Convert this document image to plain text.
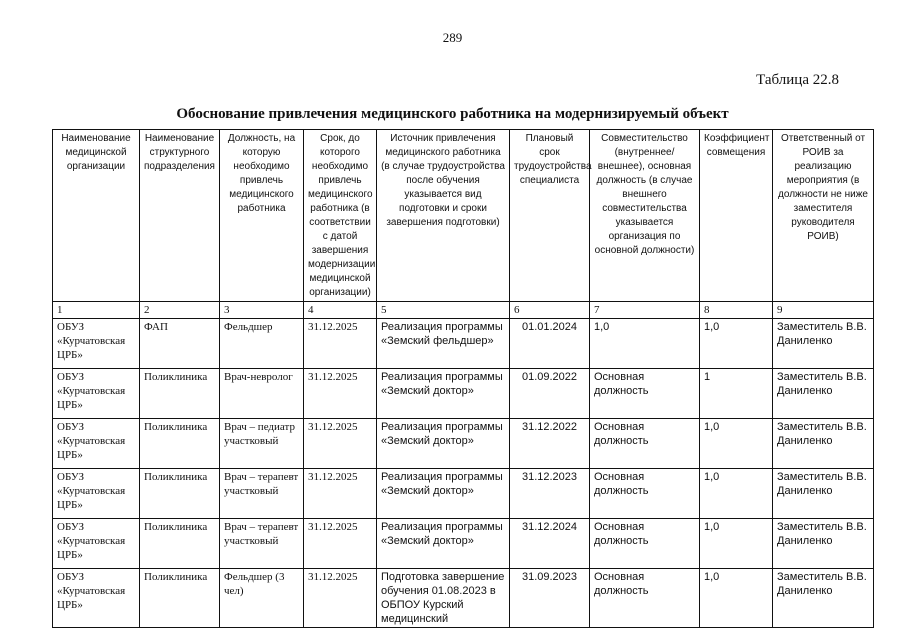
289
Таблица 22.8
Обоснование привлечения медицинского работника на модернизируемый объект
Наименование медицинской организации	Наименование структурного подразделения	Должность, на которую необходимо привлечь медицинского работника	Срок, до которого необходимо привлечь медицинского работника (в соответствии с датой завершения модернизации медицинской организации)	Источник привлечения медицинского работника (в случае трудоустройства после обучения указывается вид подготовки и сроки завершения подготовки)	Плановый срок трудоустройства специалиста	Совместительство (внутреннее/внешнее), основная должность (в случае внешнего совместительства указывается организация по основной должности)	Коэффициент совмещения	Ответственный от РОИВ за реализацию мероприятия (в должности не ниже заместителя руководителя РОИВ)
1	2	3	4	5	6	7	8	9
ОБУЗ «Курчатовская ЦРБ»	ФАП	Фельдшер	31.12.2025	Реализация программы «Земский фельдшер»	01.01.2024	1,0	1,0	Заместитель В.В. Даниленко
ОБУЗ «Курчатовская ЦРБ»	Поликлиника	Врач-невролог	31.12.2025	Реализация программы «Земский доктор»	01.09.2022	Основная должность	1	Заместитель В.В. Даниленко
ОБУЗ «Курчатовская ЦРБ»	Поликлиника	Врач – педиатр участковый	31.12.2025	Реализация программы «Земский доктор»	31.12.2022	Основная должность	1,0	Заместитель В.В. Даниленко
ОБУЗ «Курчатовская ЦРБ»	Поликлиника	Врач – терапевт участковый	31.12.2025	Реализация программы «Земский доктор»	31.12.2023	Основная должность	1,0	Заместитель В.В. Даниленко
ОБУЗ «Курчатовская ЦРБ»	Поликлиника	Врач – терапевт участковый	31.12.2025	Реализация программы «Земский доктор»	31.12.2024	Основная должность	1,0	Заместитель В.В. Даниленко
ОБУЗ «Курчатовская ЦРБ»	Поликлиника	Фельдшер (3 чел)	31.12.2025	Подготовка завершение обучения 01.08.2023 в ОБПОУ Курский медицинский	31.09.2023	Основная должность	1,0	Заместитель В.В. Даниленко
